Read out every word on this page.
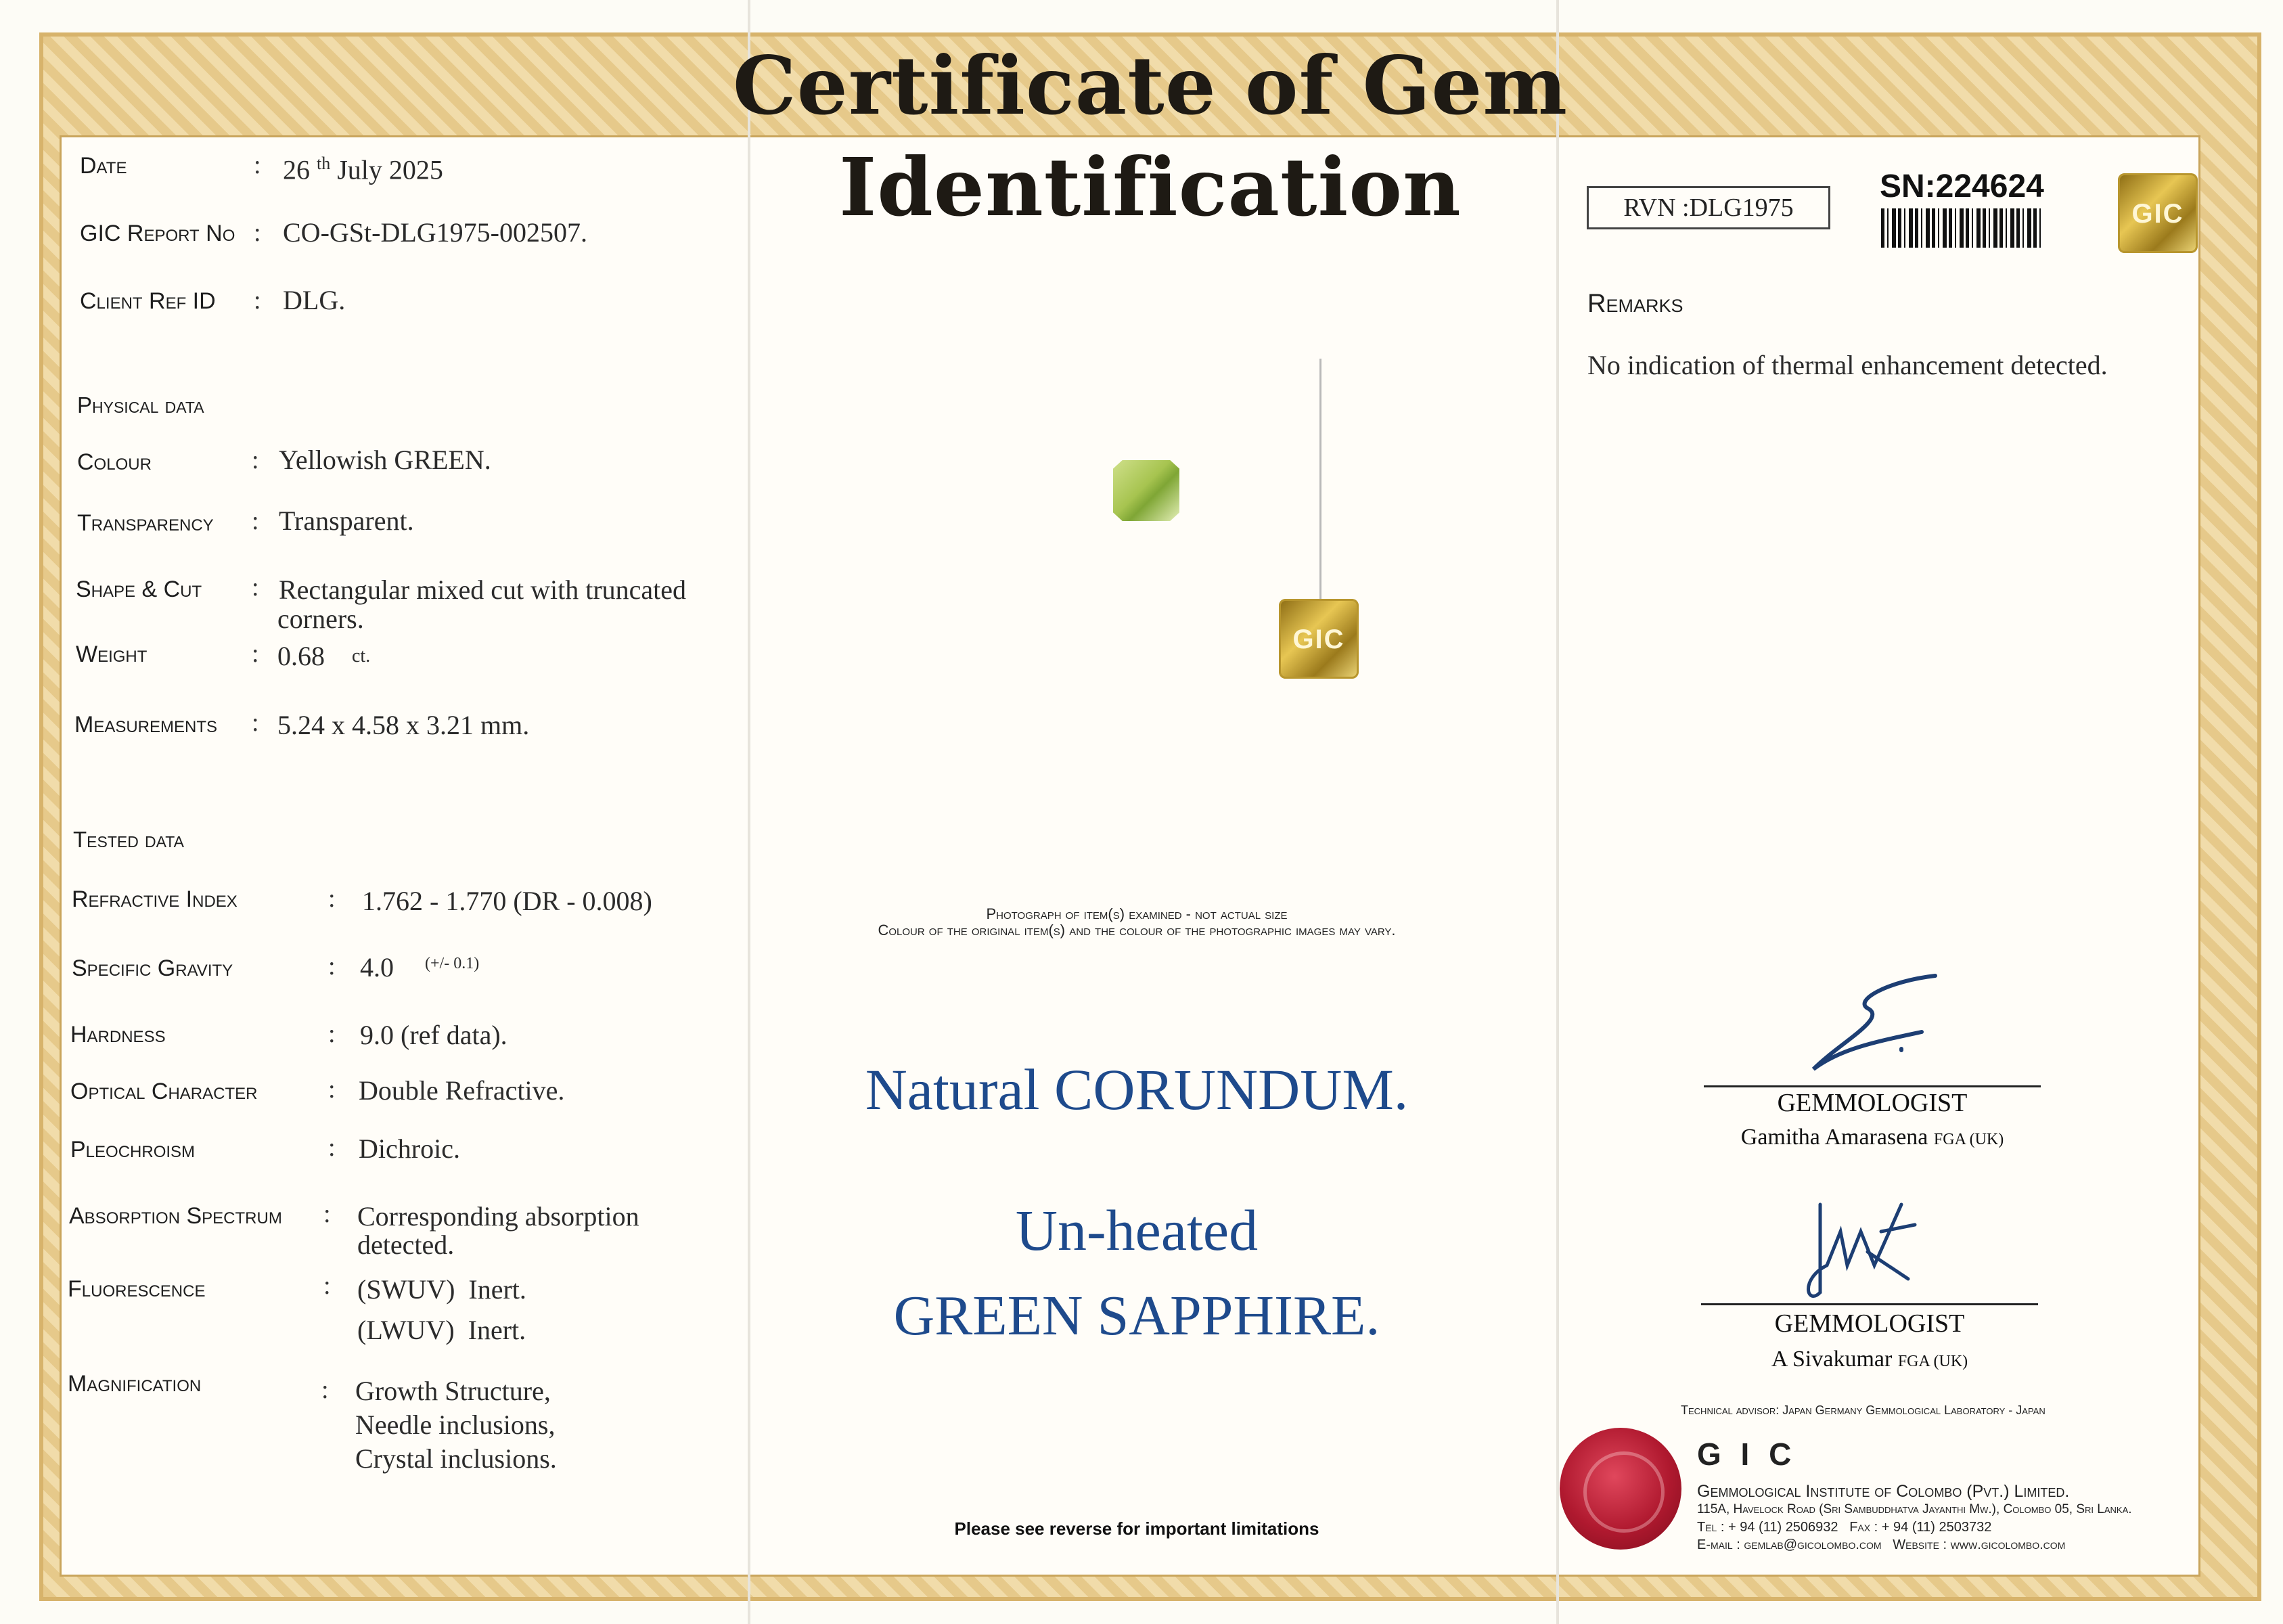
Certificate of Gem Identification
Date	: 26 $^{th}$ July 2025
GIC Report No : CO-GSt-DLG1975-002507.
Client Ref ID : DLG.
Physical data
Colour	: Yellowish GREEN.
Transparency : Transparent.
Shape & Cut : Rectangular mixed cut with truncated
corners.
Weight	: 0.68 ct.
Measurements : 5.24 x 4.58 x 3.21 mm.
Tested data
Refractive Index	: 1.762 - 1.770 (DR - 0.008)
Specific Gravity	: 4.0 (+/- 0.1)
Hardness	: 9.0 (ref data).
Optical Character	: Double Refractive.
Pleochroism	: Dichroic.
Absorption Spectrum : Corresponding absorption
detected.
Fluorescence	: (SWUV)  Inert.
(LWUV)  Inert.
Magnification	: Growth Structure,
Needle inclusions,
Crystal inclusions.
GIC
Photograph of item(s) examined - not actual size
Colour of the original item(s) and the colour of the photographic images may vary.
Natural CORUNDUM.
Un-heated
GREEN SAPPHIRE.
Please see reverse for important limitations
RVN :DLG1975
SN:224624
GIC
Remarks
No indication of thermal enhancement detected.
GEMMOLOGIST
Gamitha Amarasena FGA (UK)
GEMMOLOGIST
A Sivakumar FGA (UK)
Technical advisor: Japan Germany Gemmological Laboratory - Japan
G I C
Gemmological Institute of Colombo (Pvt.) Limited.
115A, Havelock Road (Sri Sambuddhatva Jayanthi Mw.), Colombo 05, Sri Lanka.
Tel : + 94 (11) 2506932   Fax : + 94 (11) 2503732
E-mail : gemlab@gicolombo.com   Website : www.gicolombo.com
